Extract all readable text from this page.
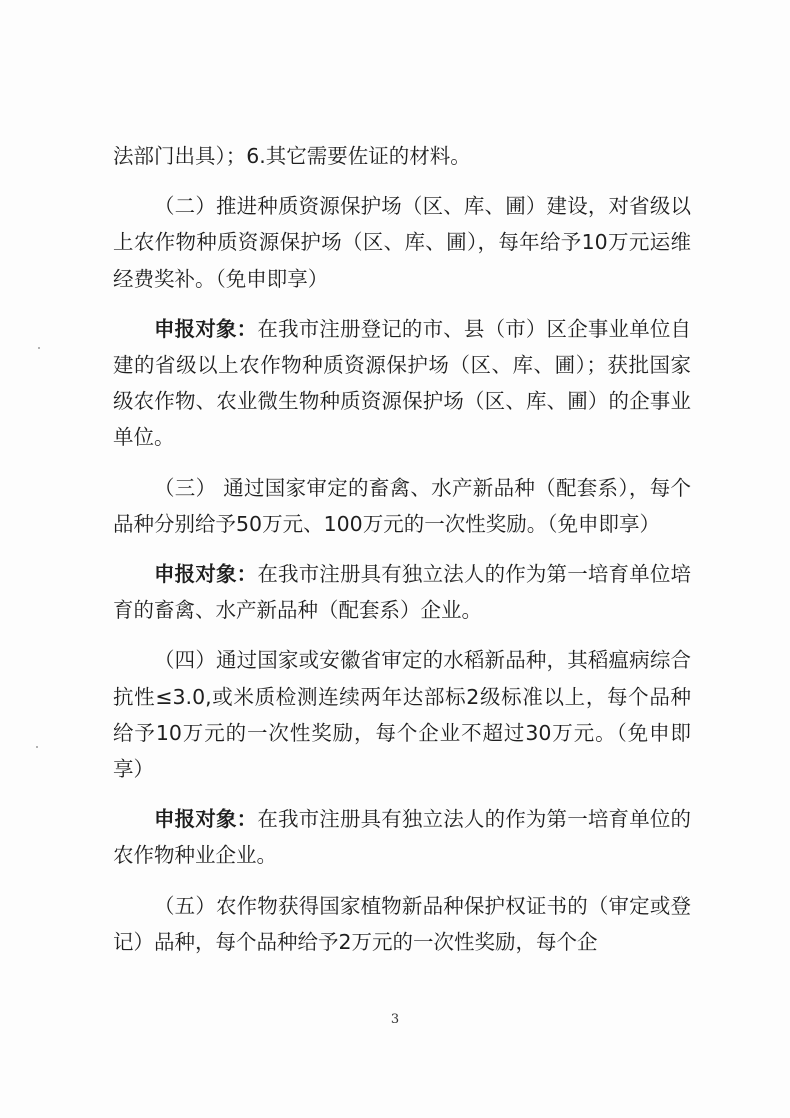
法部门出具）；6.其它需要佐证的材料。

（二）推进种质资源保护场（区、库、圃）建设，对省级以上农作物种质资源保护场（区、库、圃），每年给予10万元运维经费奖补。（免申即享）

申报对象：在我市注册登记的市、县（市）区企事业单位自建的省级以上农作物种质资源保护场（区、库、圃）；获批国家级农作物、农业微生物种质资源保护场（区、库、圃）的企事业单位。

（三） 通过国家审定的畜禽、水产新品种（配套系），每个品种分别给予50万元、100万元的一次性奖励。（免申即享）

申报对象：在我市注册具有独立法人的作为第一培育单位培育的畜禽、水产新品种（配套系）企业。

（四）通过国家或安徽省审定的水稻新品种，其稻瘟病综合抗性≤3.0,或米质检测连续两年达部标2级标准以上，每个品种给予10万元的一次性奖励，每个企业不超过30万元。（免申即享）

申报对象：在我市注册具有独立法人的作为第一培育单位的农作物种业企业。

（五）农作物获得国家植物新品种保护权证书的（审定或登记）品种，每个品种给予2万元的一次性奖励，每个企

3
